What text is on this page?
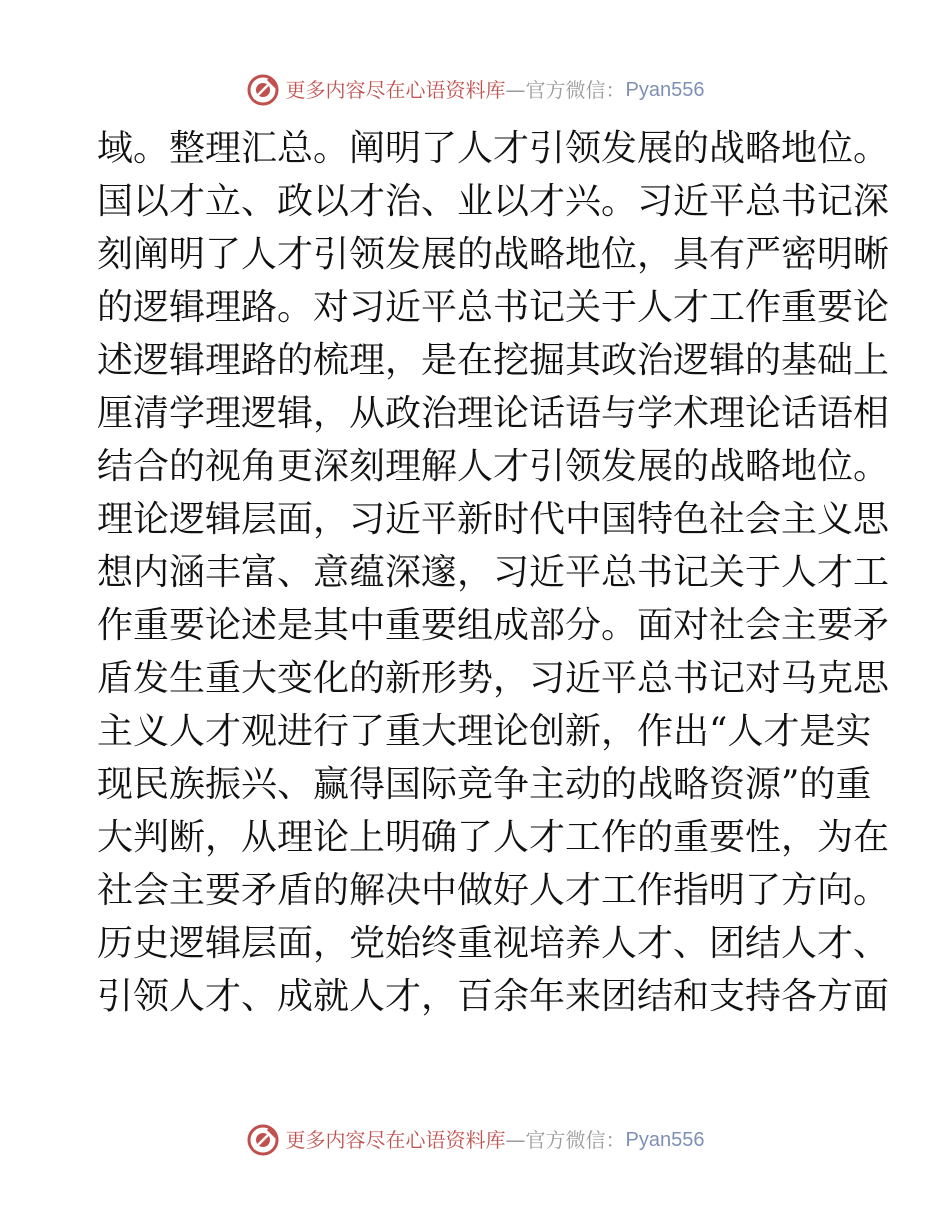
更多内容尽在心语资料库 —官方微信： Pyan556
域。整理汇总。阐明了人才引领发展的战略地位。
国以才立、政以才治、业以才兴。习近平总书记深
刻阐明了人才引领发展的战略地位，具有严密明晰
的逻辑理路。对习近平总书记关于人才工作重要论
述逻辑理路的梳理，是在挖掘其政治逻辑的基础上
厘清学理逻辑，从政治理论话语与学术理论话语相
结合的视角更深刻理解人才引领发展的战略地位。
理论逻辑层面，习近平新时代中国特色社会主义思
想内涵丰富、意蕴深邃，习近平总书记关于人才工
作重要论述是其中重要组成部分。面对社会主要矛
盾发生重大变化的新形势，习近平总书记对马克思
主义人才观进行了重大理论创新，作出“人才是实
现民族振兴、赢得国际竞争主动的战略资源”的重
大判断，从理论上明确了人才工作的重要性，为在
社会主要矛盾的解决中做好人才工作指明了方向。
历史逻辑层面，党始终重视培养人才、团结人才、
引领人才、成就人才，百余年来团结和支持各方面
更多内容尽在心语资料库 —官方微信： Pyan556
